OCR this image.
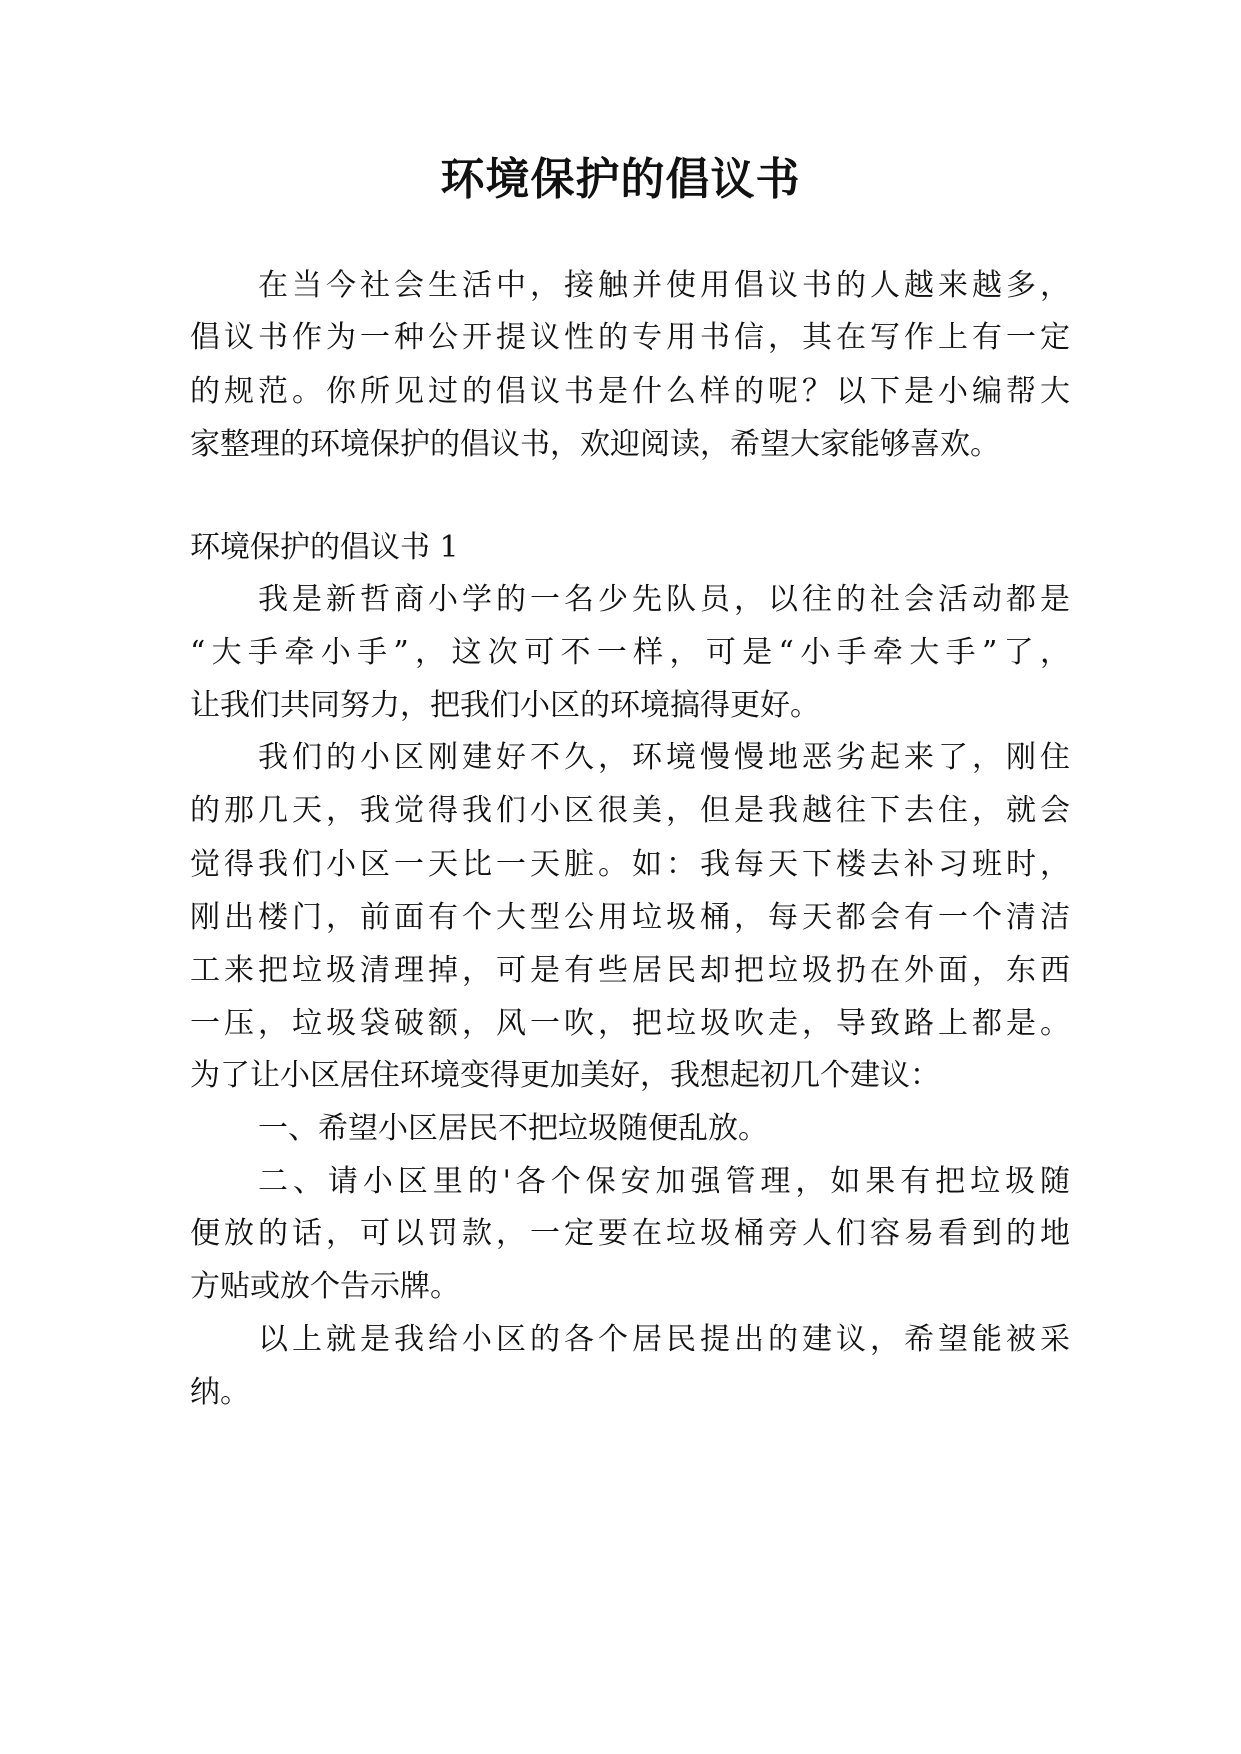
环境保护的倡议书
在当今社会生活中，接触并使用倡议书的人越来越多，
倡议书作为一种公开提议性的专用书信，其在写作上有一定
的规范。你所见过的倡议书是什么样的呢？以下是小编帮大
家整理的环境保护的倡议书，欢迎阅读，希望大家能够喜欢。
环境保护的倡议书 1
我是新哲商小学的一名少先队员，以往的社会活动都是
“大手牵小手”，这次可不一样，可是“小手牵大手”了，
让我们共同努力，把我们小区的环境搞得更好。
我们的小区刚建好不久，环境慢慢地恶劣起来了，刚住
的那几天，我觉得我们小区很美，但是我越往下去住，就会
觉得我们小区一天比一天脏。如：我每天下楼去补习班时，
刚出楼门，前面有个大型公用垃圾桶，每天都会有一个清洁
工来把垃圾清理掉，可是有些居民却把垃圾扔在外面，东西
一压，垃圾袋破额，风一吹，把垃圾吹走，导致路上都是。
为了让小区居住环境变得更加美好，我想起初几个建议：
一、希望小区居民不把垃圾随便乱放。
二、请小区里的'各个保安加强管理，如果有把垃圾随
便放的话，可以罚款，一定要在垃圾桶旁人们容易看到的地
方贴或放个告示牌。
以上就是我给小区的各个居民提出的建议，希望能被采
纳。
